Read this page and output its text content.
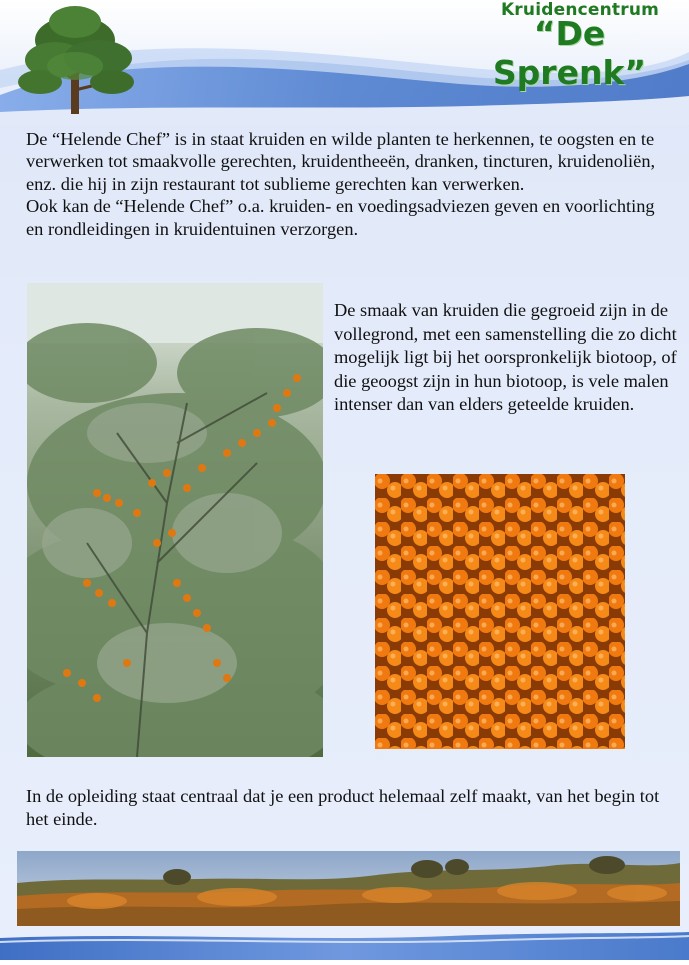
Kruidencentrum
“De Sprenk”

De “Helende Chef” is in staat kruiden en wilde planten te herkennen, te oogsten en te verwerken tot smaakvolle gerechten, kruidentheeën, dranken, tincturen, kruidenoliën, enz. die hij in zijn restaurant tot sublieme gerechten kan verwerken.

Ook kan de “Helende Chef” o.a. kruiden- en voedingsadviezen geven en voorlichting en rondleidingen in kruidentuinen verzorgen.

De smaak van kruiden die gegroeid zijn in de vollegrond, met een samenstelling die zo dicht mogelijk ligt bij het oorspronkelijk biotoop, of die geoogst zijn in hun biotoop, is vele malen intenser dan van elders geteelde kruiden.
In de opleiding staat centraal dat je een product helemaal zelf maakt, van het begin tot het einde.
